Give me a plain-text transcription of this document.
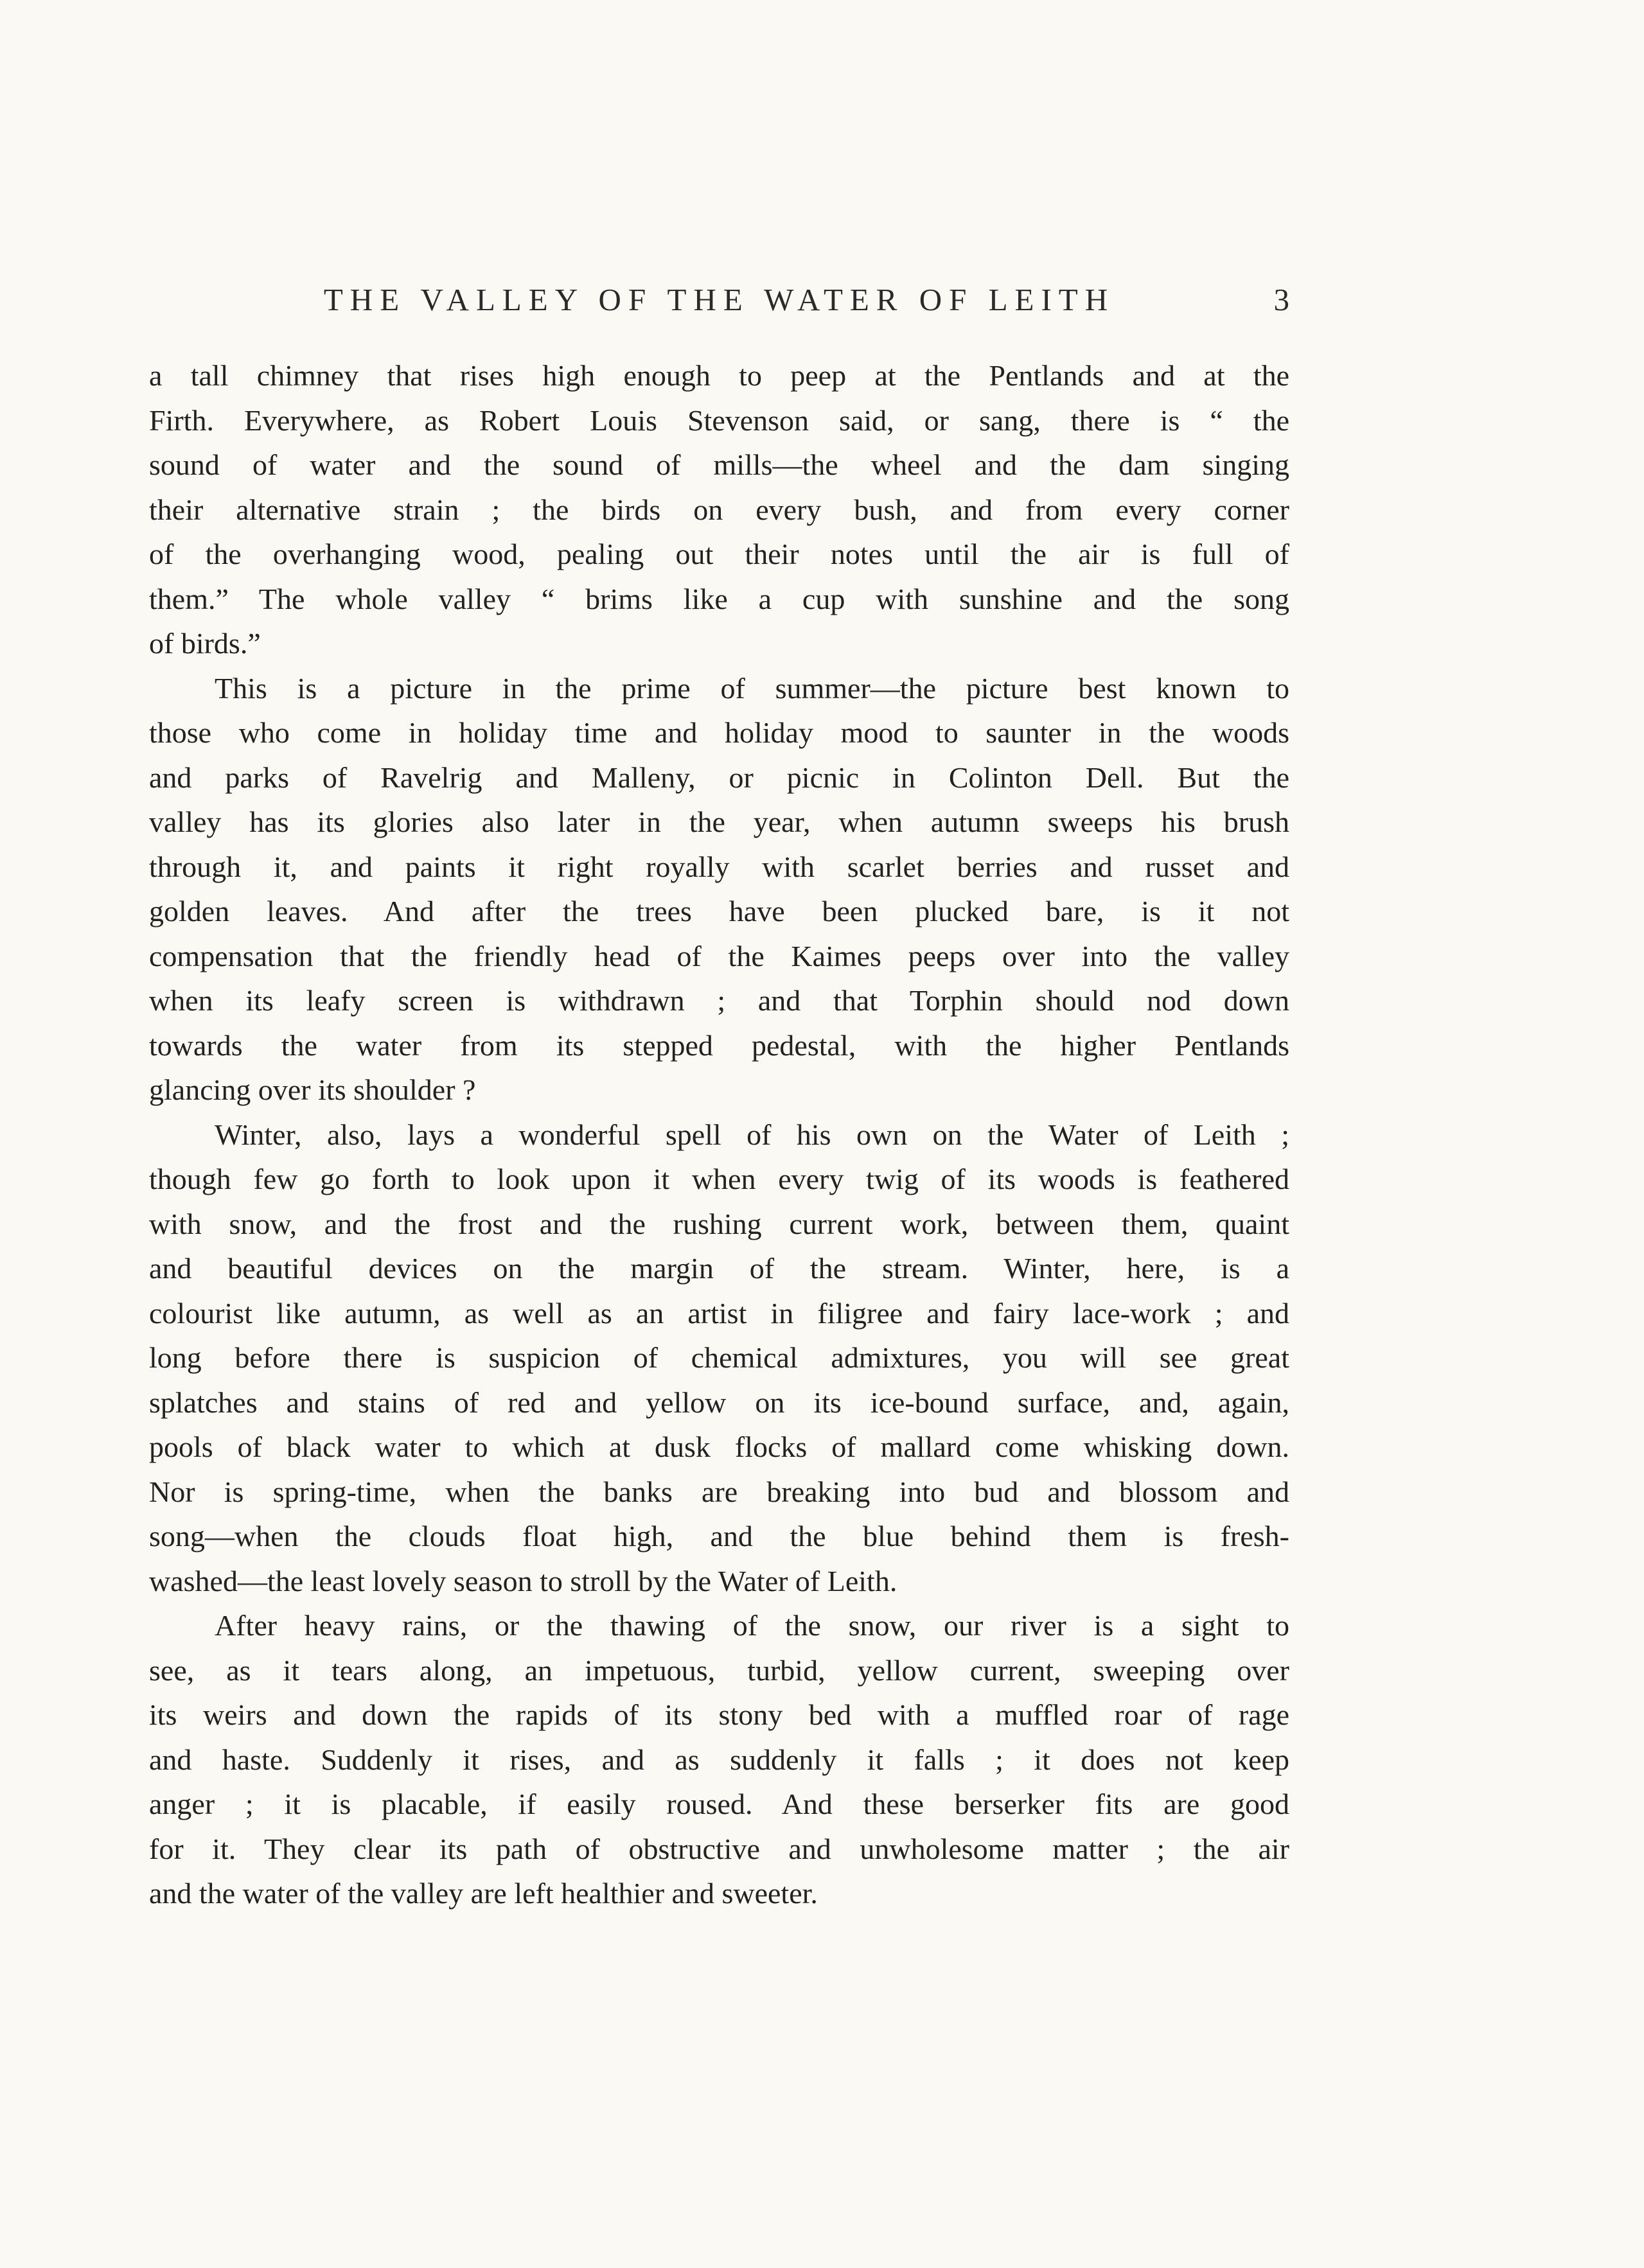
THE VALLEY OF THE WATER OF LEITH	3
a tall chimney that rises high enough to peep at the Pentlands and at the
Firth. Everywhere, as Robert Louis Stevenson said, or sang, there is “ the
sound of water and the sound of mills—the wheel and the dam singing
their alternative strain ; the birds on every bush, and from every corner
of the overhanging wood, pealing out their notes until the air is full of
them.” The whole valley “ brims like a cup with sunshine and the song
of birds.”
This is a picture in the prime of summer—the picture best known to
those who come in holiday time and holiday mood to saunter in the woods
and parks of Ravelrig and Malleny, or picnic in Colinton Dell. But the
valley has its glories also later in the year, when autumn sweeps his brush
through it, and paints it right royally with scarlet berries and russet and
golden leaves. And after the trees have been plucked bare, is it not
compensation that the friendly head of the Kaimes peeps over into the valley
when its leafy screen is withdrawn ; and that Torphin should nod down
towards the water from its stepped pedestal, with the higher Pentlands
glancing over its shoulder ?
Winter, also, lays a wonderful spell of his own on the Water of Leith ;
though few go forth to look upon it when every twig of its woods is feathered
with snow, and the frost and the rushing current work, between them, quaint
and beautiful devices on the margin of the stream. Winter, here, is a
colourist like autumn, as well as an artist in filigree and fairy lace-work ; and
long before there is suspicion of chemical admixtures, you will see great
splatches and stains of red and yellow on its ice-bound surface, and, again,
pools of black water to which at dusk flocks of mallard come whisking down.
Nor is spring-time, when the banks are breaking into bud and blossom and
song—when the clouds float high, and the blue behind them is fresh-
washed—the least lovely season to stroll by the Water of Leith.
After heavy rains, or the thawing of the snow, our river is a sight to
see, as it tears along, an impetuous, turbid, yellow current, sweeping over
its weirs and down the rapids of its stony bed with a muffled roar of rage
and haste. Suddenly it rises, and as suddenly it falls ; it does not keep
anger ; it is placable, if easily roused. And these berserker fits are good
for it. They clear its path of obstructive and unwholesome matter ; the air
and the water of the valley are left healthier and sweeter.
